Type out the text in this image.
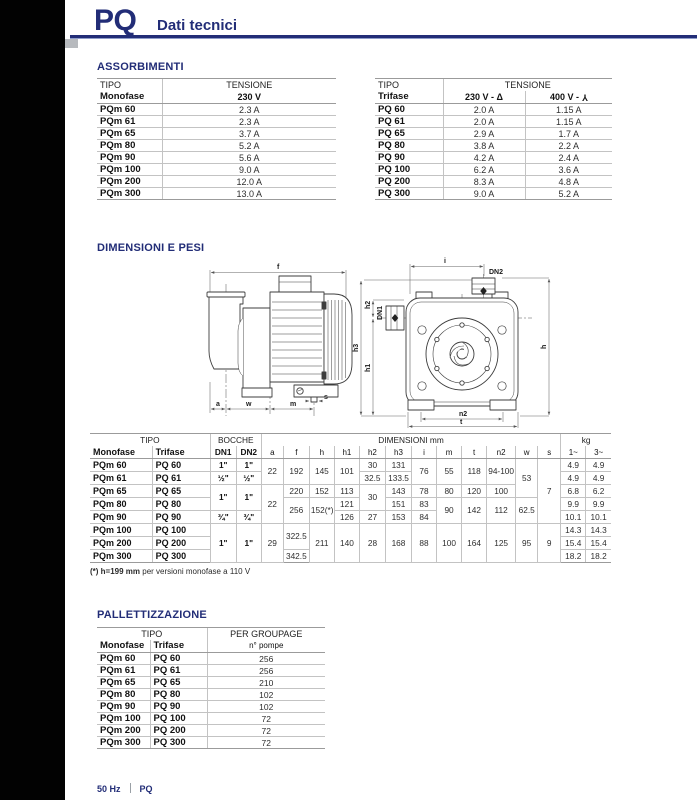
PQ Dati tecnici
ASSORBIMENTI
TIPO	TENSIONE
Monofase	230 V
PQm 60	2.3 A
PQm 61	2.3 A
PQm 65	3.7 A
PQm 80	5.2 A
PQm 90	5.6 A
PQm 100	9.0 A
PQm 200	12.0 A
PQm 300	13.0 A
TIPO	TENSIONE	
Trifase	230 V - Δ	400 V - Y
PQ 60	2.0 A	1.15 A
PQ 61	2.0 A	1.15 A
PQ 65	2.9 A	1.7 A
PQ 80	3.8 A	2.2 A
PQ 90	4.2 A	2.4 A
PQ 100	6.2 A	3.6 A
PQ 200	8.3 A	4.8 A
PQ 300	9.0 A	5.2 A
DIMENSIONI E PESI
f
a	w	m
s
i
DN2
DN1
h3
h2
h1
h
n2
t
TIPO		BOCCHE		DIMENSIONI mm												kg	
Monofase	Trifase	DN1	DN2	a	f	h	h1	h2	h3	i	m	t	n2	w	s	1~	3~
PQm 60	PQ 60	1"	1"	22	192	145	101	30	131	76	55	118	94-100	53	7	4.9	4.9
PQm 61	PQ 61	½"	½"					32.5	133.5							4.9	4.9
PQm 65	PQ 65	1"	1"	22	220	152	113	30	143	78	80	120	100			6.8	6.2
PQm 80	PQ 80				256	152(*)	121		151	83	90	142	112	62.5		9.9	9.9
PQm 90	PQ 90	¾"	¾"				126	27	153	84						10.1	10.1
PQm 100	PQ 100	1"	1"	29	322.5	211	140	28	168	88	100	164	125	95	9	14.3	14.3
PQm 200	PQ 200															15.4	15.4
PQm 300	PQ 300				342.5											18.2	18.2
(*) h=199 mm per versioni monofase a 110 V
PALLETTIZZAZIONE
TIPO		PER GROUPAGE
Monofase	Trifase	n° pompe
PQm 60	PQ 60	256
PQm 61	PQ 61	256
PQm 65	PQ 65	210
PQm 80	PQ 80	102
PQm 90	PQ 90	102
PQm 100	PQ 100	72
PQm 200	PQ 200	72
PQm 300	PQ 300	72
50 Hz PQ
